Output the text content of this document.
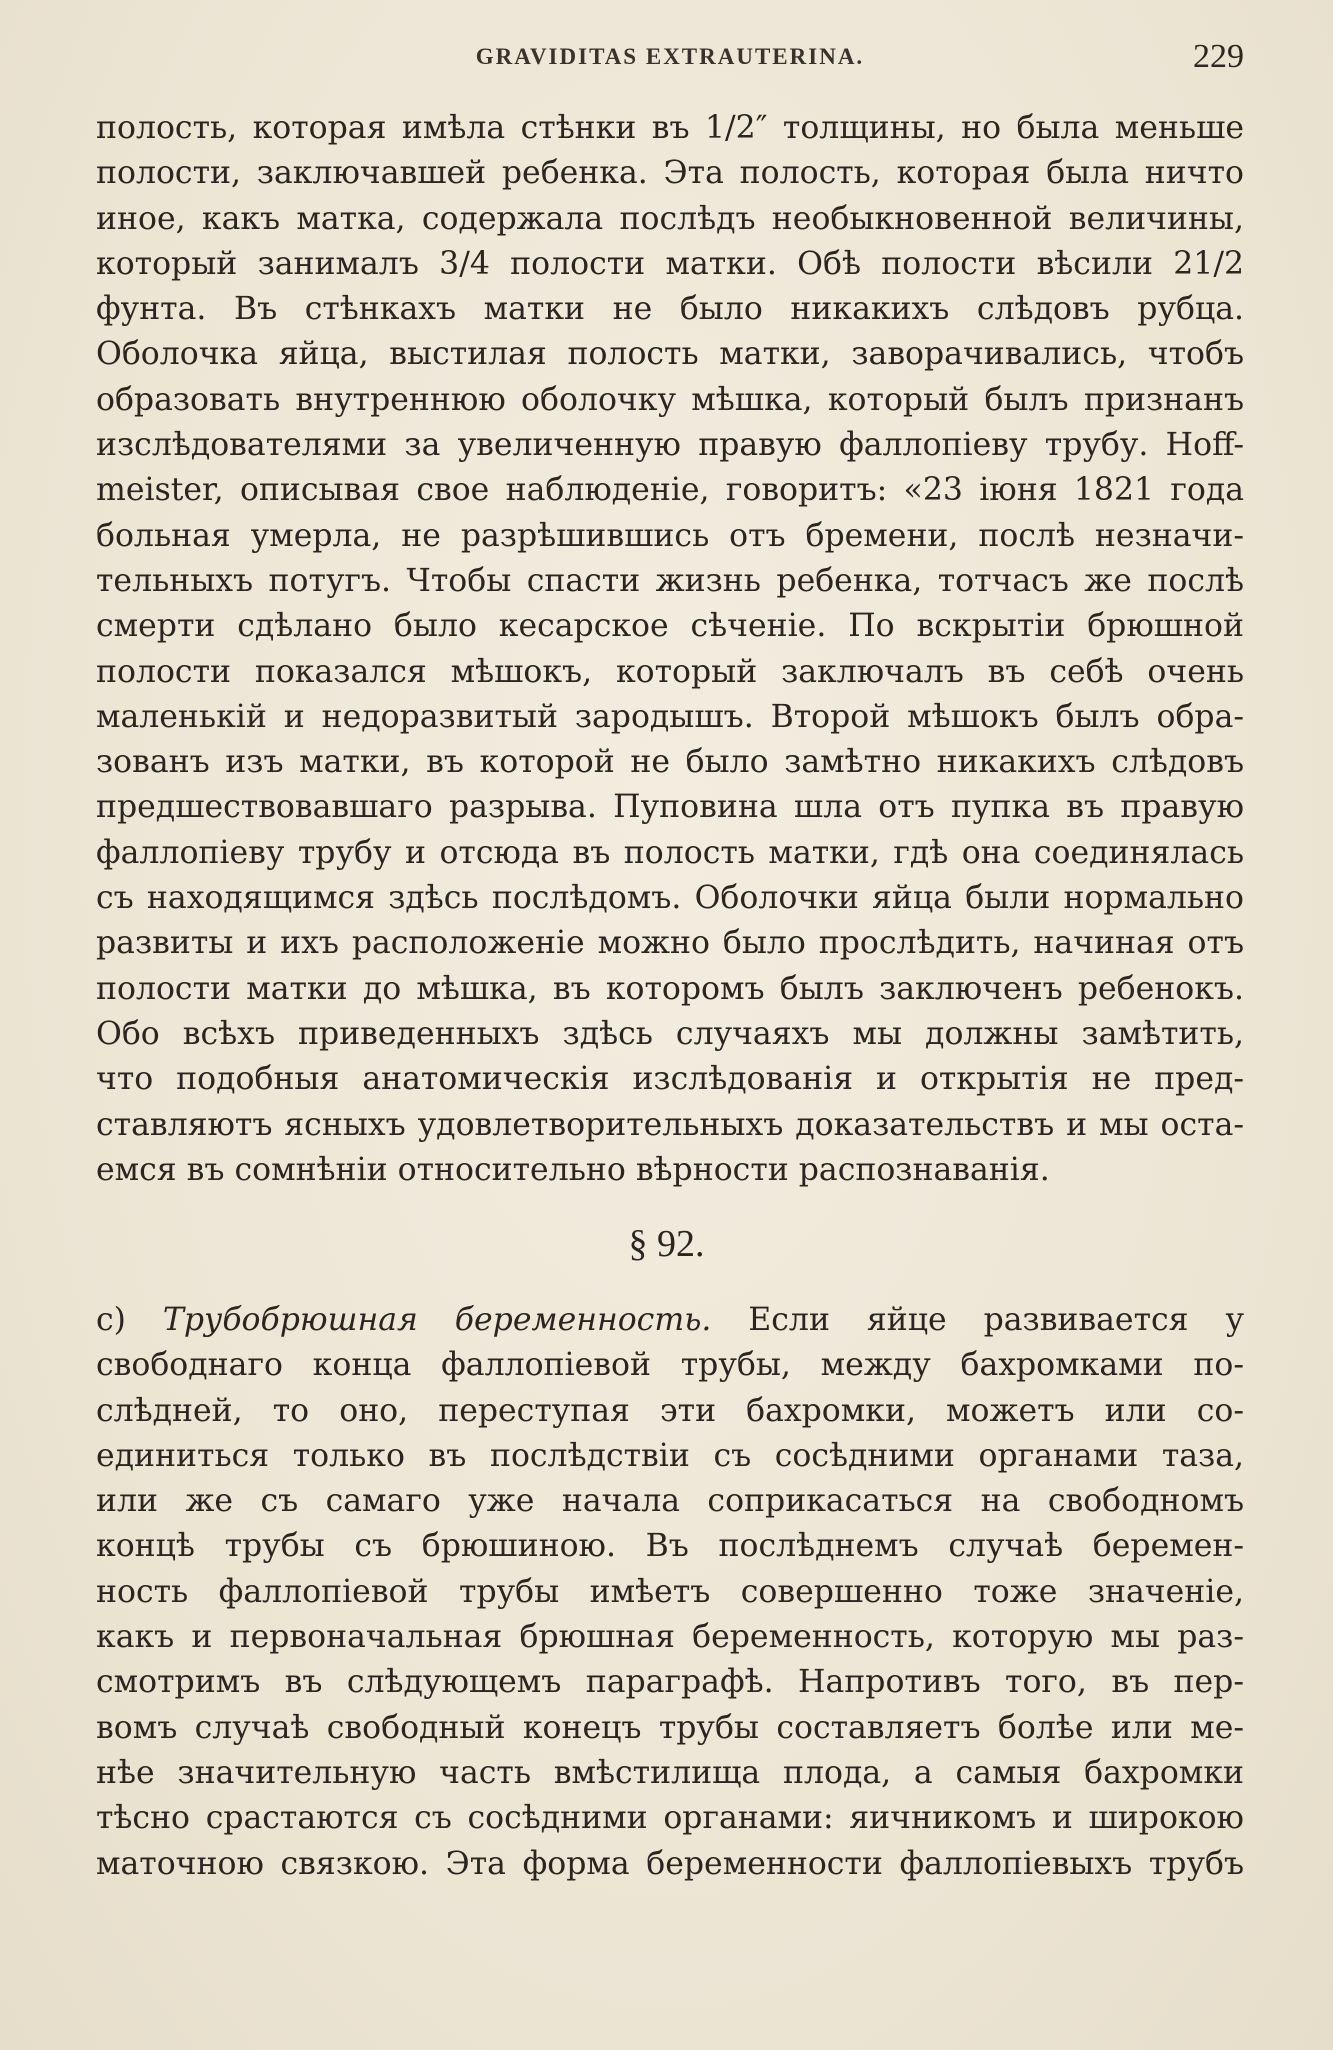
GRAVIDITAS EXTRAUTERINA.	229
полость, которая имѣла стѣнки въ 1/2″ толщины, но была меньше
полости, заключавшей ребенка. Эта полость, которая была ничто
иное, какъ матка, содержала послѣдъ необыкновенной величины,
который занималъ 3/4 полости матки. Обѣ полости вѣсили 21/2
фунта. Въ стѣнкахъ матки не было никакихъ слѣдовъ рубца.
Оболочка яйца, выстилая полость матки, заворачивались, чтобъ
образовать внутреннюю оболочку мѣшка, который былъ признанъ
изслѣдователями за увеличенную правую фаллопіеву трубу. Hoff-
meister, описывая свое наблюденіе, говоритъ: «23 іюня 1821 года
больная умерла, не разрѣшившись отъ бремени, послѣ незначи-
тельныхъ потугъ. Чтобы спасти жизнь ребенка, тотчасъ же послѣ
смерти сдѣлано было кесарское сѣченіе. По вскрытіи брюшной
полости показался мѣшокъ, который заключалъ въ себѣ очень
маленькій и недоразвитый зародышъ. Второй мѣшокъ былъ обра-
зованъ изъ матки, въ которой не было замѣтно никакихъ слѣдовъ
предшествовавшаго разрыва. Пуповина шла отъ пупка въ правую
фаллопіеву трубу и отсюда въ полость матки, гдѣ она соединялась
съ находящимся здѣсь послѣдомъ. Оболочки яйца были нормально
развиты и ихъ расположеніе можно было прослѣдить, начиная отъ
полости матки до мѣшка, въ которомъ былъ заключенъ ребенокъ.
Обо всѣхъ приведенныхъ здѣсь случаяхъ мы должны замѣтить,
что подобныя анатомическія изслѣдованія и открытія не пред-
ставляютъ ясныхъ удовлетворительныхъ доказательствъ и мы оста-
емся въ сомнѣніи относительно вѣрности распознаванія.
§ 92.
c) Трубобрюшная беременность. Если яйце развивается у
свободнаго конца фаллопіевой трубы, между бахромками по-
слѣдней, то оно, переступая эти бахромки, можетъ или со-
единиться только въ послѣдствіи съ сосѣдними органами таза,
или же съ самаго уже начала соприкасаться на свободномъ
концѣ трубы съ брюшиною. Въ послѣднемъ случаѣ беремен-
ность фаллопіевой трубы имѣетъ совершенно тоже значеніе,
какъ и первоначальная брюшная беременность, которую мы раз-
смотримъ въ слѣдующемъ параграфѣ. Напротивъ того, въ пер-
вомъ случаѣ свободный конецъ трубы составляетъ болѣе или ме-
нѣе значительную часть вмѣстилища плода, а самыя бахромки
тѣсно срастаются съ сосѣдними органами: яичникомъ и широкою
маточною связкою. Эта форма беременности фаллопіевыхъ трубъ
